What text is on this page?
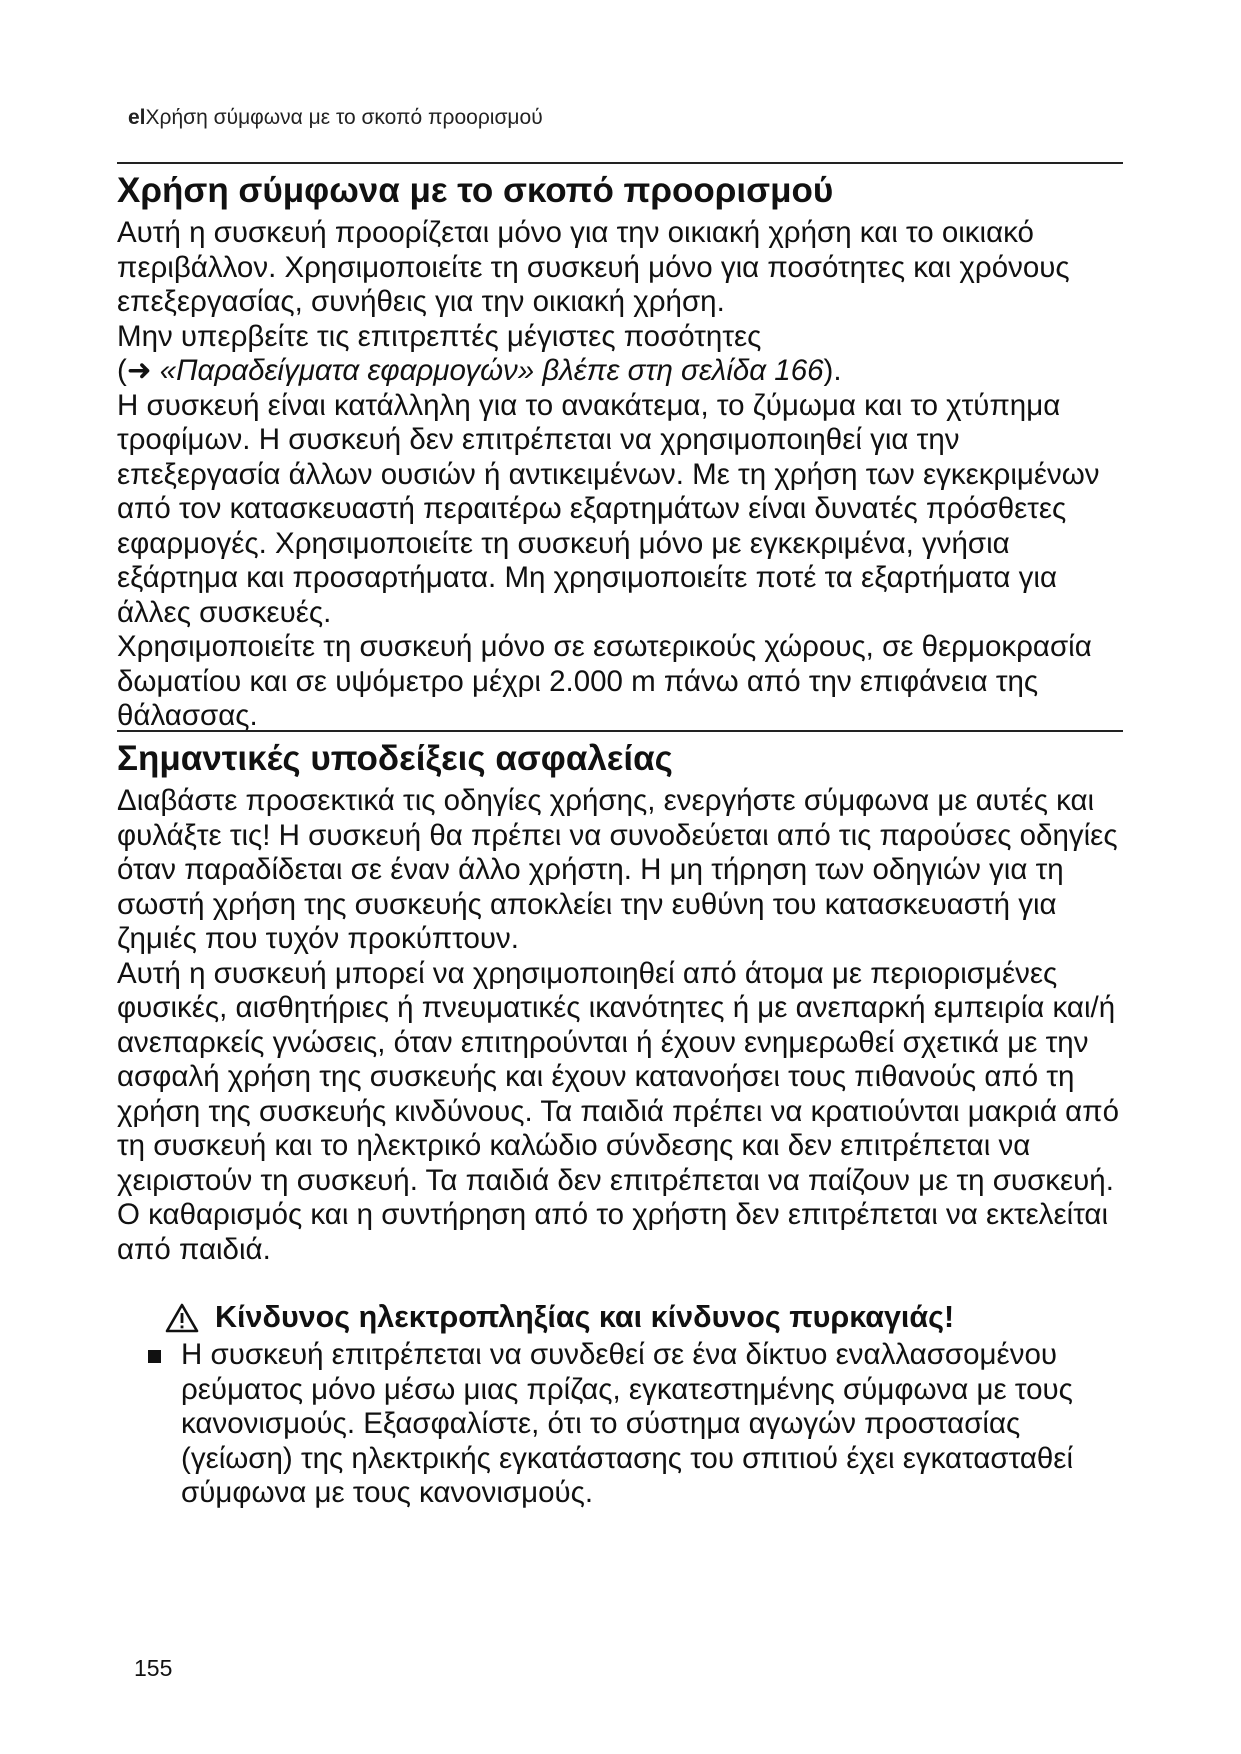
elΧρήση σύμφωνα με το σκοπό προορισμού
Χρήση σύμφωνα με το σκοπό προορισμού

Αυτή η συσκευή προορίζεται μόνο για την οικιακή χρήση και το οικιακό περιβάλλον. Χρησιμοποιείτε τη συσκευή μόνο για ποσότητες και χρόνους επεξεργασίας, συνήθεις για την οικιακή χρήση.

Μην υπερβείτε τις επιτρεπτές μέγιστες ποσότητες
(➜ «Παραδείγματα εφαρμογών» βλέπε στη σελίδα 166).

Η συσκευή είναι κατάλληλη για το ανακάτεμα, το ζύμωμα και το χτύπημα τροφίμων. Η συσκευή δεν επιτρέπεται να χρησιμοποιηθεί για την επεξεργασία άλλων ουσιών ή αντικειμένων. Με τη χρήση των εγκεκριμένων από τον κατασκευαστή περαιτέρω εξαρτημάτων είναι δυνατές πρόσθετες εφαρμογές. Χρησιμοποιείτε τη συσκευή μόνο με εγκεκριμένα, γνήσια εξάρτημα και προσαρτήματα. Μη χρησιμοποιείτε ποτέ τα εξαρτήματα για άλλες συσκευές.

Χρησιμοποιείτε τη συσκευή μόνο σε εσωτερικούς χώρους, σε θερμοκρασία δωματίου και σε υψόμετρο μέχρι 2.000 m πάνω από την επιφάνεια της θάλασσας.

Σημαντικές υποδείξεις ασφαλείας

Διαβάστε προσεκτικά τις οδηγίες χρήσης, ενεργήστε σύμφωνα με αυτές και φυλάξτε τις! Η συσκευή θα πρέπει να συνοδεύεται από τις παρούσες οδηγίες όταν παραδίδεται σε έναν άλλο χρήστη. Η μη τήρηση των οδηγιών για τη σωστή χρήση της συσκευής αποκλείει την ευθύνη του κατασκευαστή για ζημιές που τυχόν προκύπτουν.

Αυτή η συσκευή μπορεί να χρησιμοποιηθεί από άτομα με περιορισμένες φυσικές, αισθητήριες ή πνευματικές ικανότητες ή με ανεπαρκή εμπειρία και/ή ανεπαρκείς γνώσεις, όταν επιτηρούνται ή έχουν ενημερωθεί σχετικά με την ασφαλή χρήση της συσκευής και έχουν κατανοήσει τους πιθανούς από τη χρήση της συσκευής κινδύνους. Τα παιδιά πρέπει να κρατιούνται μακριά από τη συσκευή και το ηλεκτρικό καλώδιο σύνδεσης και δεν επιτρέπεται να χειριστούν τη συσκευή. Τα παιδιά δεν επιτρέπεται να παίζουν με τη συσκευή. Ο καθαρισμός και η συντήρηση από το χρήστη δεν επιτρέπεται να εκτελείται από παιδιά.

Κίνδυνος ηλεκτροπληξίας και κίνδυνος πυρκαγιάς!
Η συσκευή επιτρέπεται να συνδεθεί σε ένα δίκτυο εναλλασσομένου ρεύματος μόνο μέσω μιας πρίζας, εγκατεστημένης σύμφωνα με τους κανονισμούς. Εξασφαλίστε, ότι το σύστημα αγωγών προστασίας (γείωση) της ηλεκτρικής εγκατάστασης του σπιτιού έχει εγκατασταθεί σύμφωνα με τους κανονισμούς.
155
